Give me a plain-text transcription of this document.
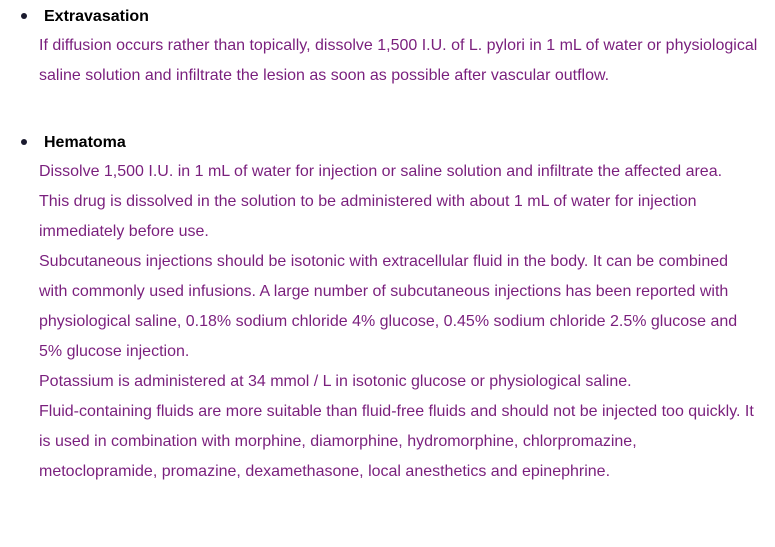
Extravasation

If diffusion occurs rather than topically, dissolve 1,500 I.U. of L. pylori in 1 mL of water or physiological saline solution and infiltrate the lesion as soon as possible after vascular outflow.

Hematoma

Dissolve 1,500 I.U. in 1 mL of water for injection or saline solution and infiltrate the affected area.

This drug is dissolved in the solution to be administered with about 1 mL of water for injection immediately before use.

Subcutaneous injections should be isotonic with extracellular fluid in the body. It can be combined with commonly used infusions. A large number of subcutaneous injections has been reported with physiological saline, 0.18% sodium chloride 4% glucose, 0.45% sodium chloride 2.5% glucose and 5% glucose injection.

Potassium is administered at 34 mmol / L in isotonic glucose or physiological saline.

Fluid-containing fluids are more suitable than fluid-free fluids and should not be injected too quickly. It is used in combination with morphine, diamorphine, hydromorphine, chlorpromazine, metoclopramide, promazine, dexamethasone, local anesthetics and epinephrine.
